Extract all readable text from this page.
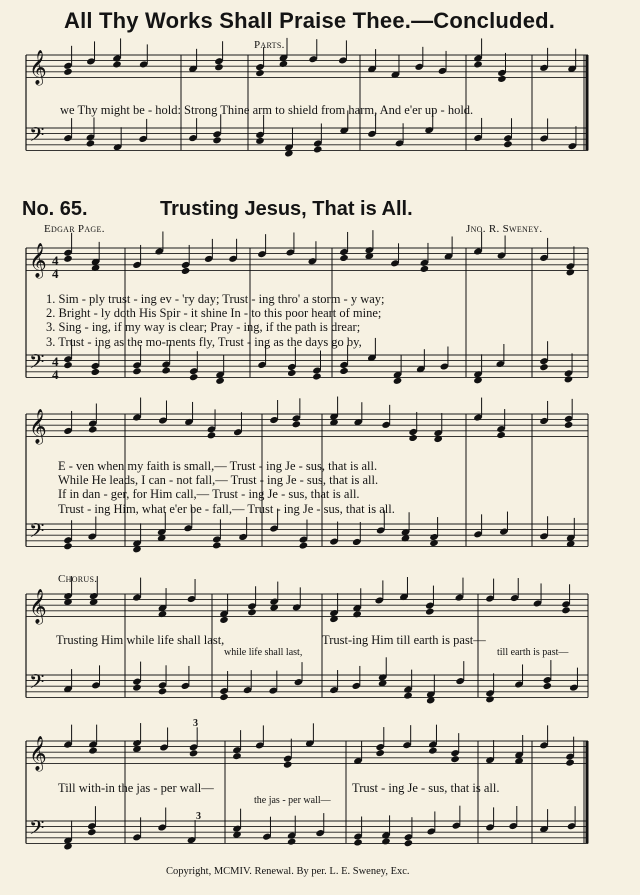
All Thy Works Shall Praise Thee.—Concluded.
Parts.
we Thy might be - hold: Strong Thine arm to shield from harm, And e'er up - hold.
No. 65.	Trusting Jesus, That is All.
Edgar Page.	Jno. R. Sweney.
1. Sim - ply trust - ing ev - 'ry day; Trust - ing thro' a storm - y way;
2. Bright - ly doth His Spir - it shine In - to this poor heart of mine;
3. Sing - ing, if my way is clear; Pray - ing, if the path is drear;
3. Trust - ing as the mo-ments fly, Trust - ing as the days go by,
E - ven when my faith is small,— Trust - ing Je - sus, that is all.
While He leads, I can - not fall,— Trust - ing Je - sus, that is all.
If in dan - ger, for Him call,— Trust - ing Je - sus, that is all.
Trust - ing Him, what e'er be - fall,— Trust - ing Je - sus, that is all.
Chorus.
Trusting Him while life shall last,	Trust-ing Him till earth is past—
while life shall last,	till earth is past—
3
Till with-in the jas - per wall—	Trust - ing Je - sus, that is all.
the jas - per wall—
3
Copyright, MCMIV. Renewal. By per. L. E. Sweney, Exc.
4
4
4
4
𝄞
𝄢
𝄞
𝄢
𝄞
𝄢
𝄞
𝄢
𝄞
𝄢
